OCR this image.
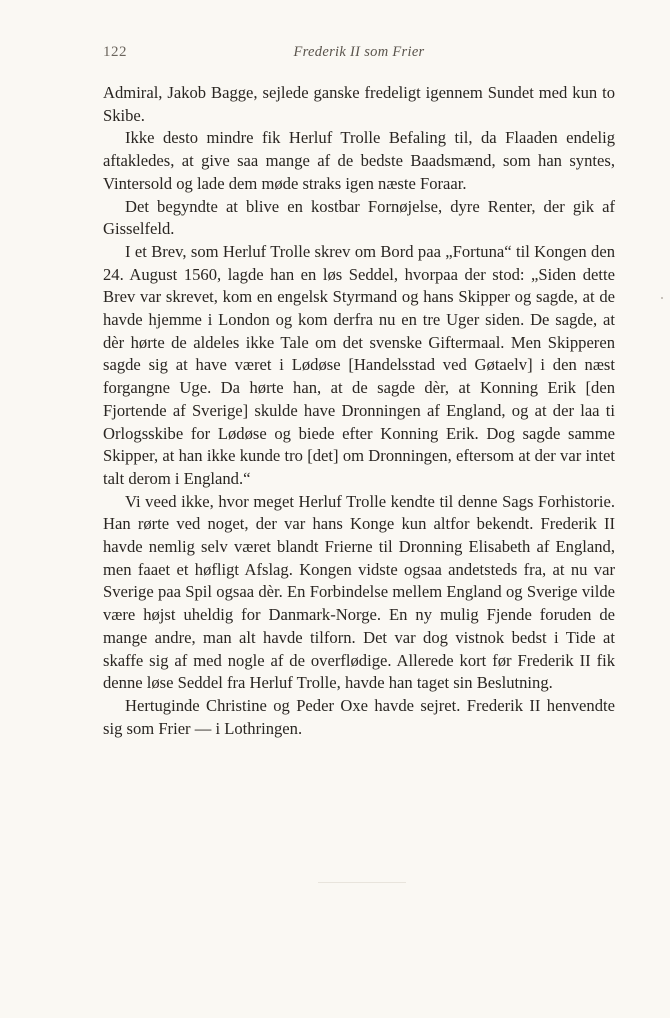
122	Frederik II som Frier

Admiral, Jakob Bagge, sejlede ganske fredeligt igennem Sundet med kun to Skibe.

Ikke desto mindre fik Herluf Trolle Befaling til, da Flaaden endelig aftakledes, at give saa mange af de bedste Baadsmænd, som han syntes, Vintersold og lade dem møde straks igen næste Foraar.

Det begyndte at blive en kostbar Fornøjelse, dyre Renter, der gik af Gisselfeld.

I et Brev, som Herluf Trolle skrev om Bord paa „Fortuna“ til Kongen den 24. August 1560, lagde han en løs Seddel, hvorpaa der stod: „Siden dette Brev var skrevet, kom en engelsk Styrmand og hans Skipper og sagde, at de havde hjemme i London og kom derfra nu en tre Uger siden. De sagde, at dèr hørte de aldeles ikke Tale om det svenske Giftermaal. Men Skipperen sagde sig at have været i Lødøse [Handelsstad ved Gøtaelv] i den næst forgangne Uge. Da hørte han, at de sagde dèr, at Konning Erik [den Fjortende af Sverige] skulde have Dronningen af England, og at der laa ti Orlogsskibe for Lødøse og biede efter Konning Erik. Dog sagde samme Skipper, at han ikke kunde tro [det] om Dronningen, eftersom at der var intet talt derom i England.“

Vi veed ikke, hvor meget Herluf Trolle kendte til denne Sags Forhistorie. Han rørte ved noget, der var hans Konge kun altfor bekendt. Frederik II havde nemlig selv været blandt Frierne til Dronning Elisabeth af England, men faaet et høfligt Afslag. Kongen vidste ogsaa andetsteds fra, at nu var Sverige paa Spil ogsaa dèr. En Forbindelse mellem England og Sverige vilde være højst uheldig for Danmark-Norge. En ny mulig Fjende foruden de mange andre, man alt havde tilforn. Det var dog vistnok bedst i Tide at skaffe sig af med nogle af de overflødige. Allerede kort før Frederik II fik denne løse Seddel fra Herluf Trolle, havde han taget sin Beslutning.

Hertuginde Christine og Peder Oxe havde sejret. Frederik II henvendte sig som Frier — i Lothringen.
